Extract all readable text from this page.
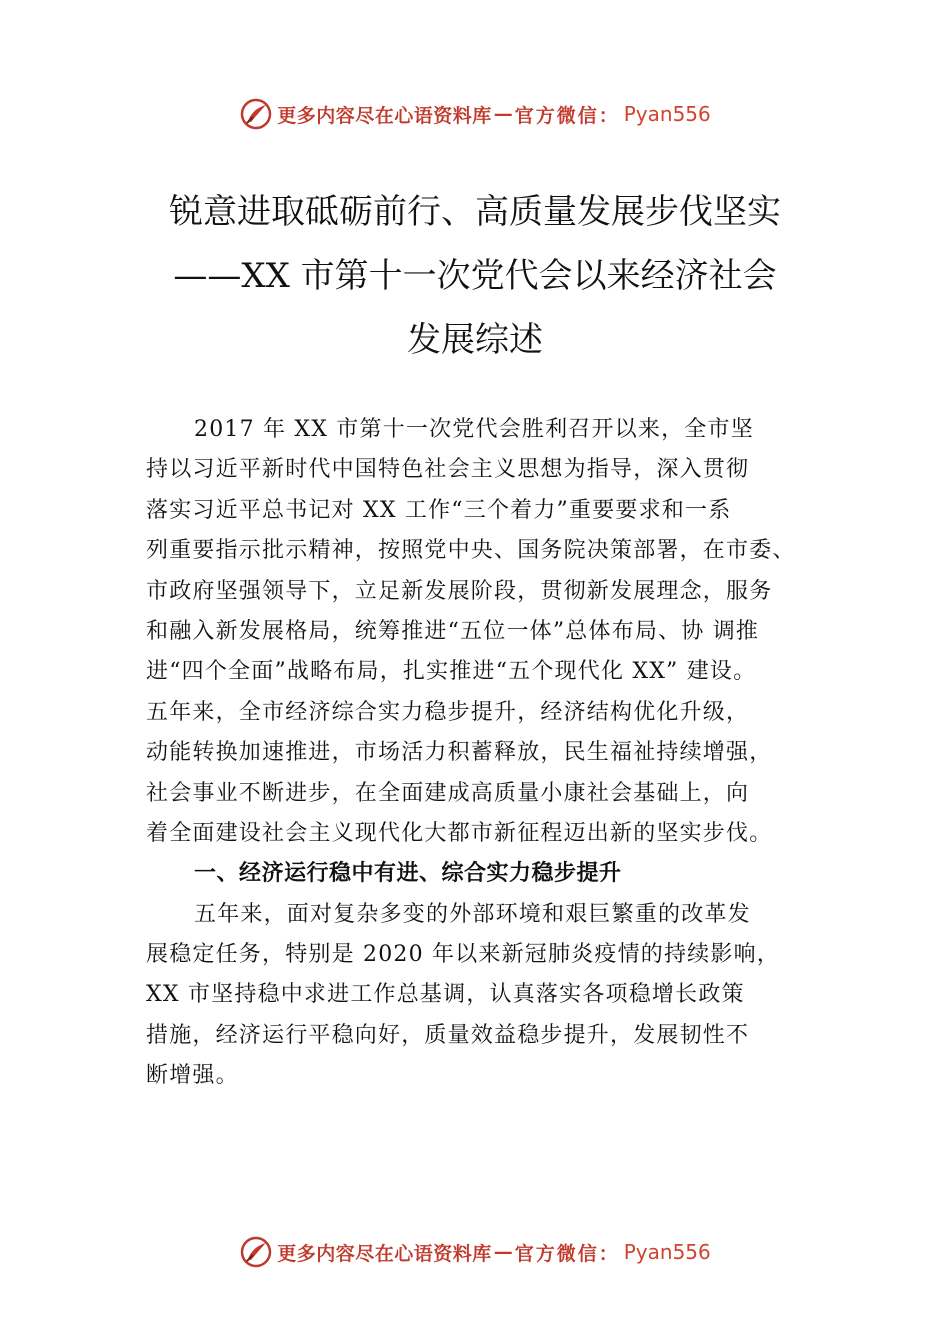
更多内容尽在心语资料库 — 官方微信： Pyan556
锐意进取砥砺前行、高质量发展步伐坚实
——XX 市第十一次党代会以来经济社会
发展综述
2017 年 XX 市第十一次党代会胜利召开以来，全市坚
持以习近平新时代中国特色社会主义思想为指导，深入贯彻
落实习近平总书记对 XX 工作“三个着力”重要要求和一系
列重要指示批示精神，按照党中央、国务院决策部署，在市委、
市政府坚强领导下，立足新发展阶段，贯彻新发展理念，服务
和融入新发展格局，统筹推进“五位一体”总体布局、协 调推
进“四个全面”战略布局，扎实推进“五个现代化 XX” 建设。
五年来，全市经济综合实力稳步提升，经济结构优化升级，
动能转换加速推进，市场活力积蓄释放，民生福祉持续增强，
社会事业不断进步，在全面建成高质量小康社会基础上，向
着全面建设社会主义现代化大都市新征程迈出新的坚实步伐。
一、经济运行稳中有进、综合实力稳步提升
五年来，面对复杂多变的外部环境和艰巨繁重的改革发
展稳定任务，特别是 2020 年以来新冠肺炎疫情的持续影响，
XX 市坚持稳中求进工作总基调，认真落实各项稳增长政策
措施，经济运行平稳向好，质量效益稳步提升，发展韧性不
断增强。
更多内容尽在心语资料库 — 官方微信： Pyan556
